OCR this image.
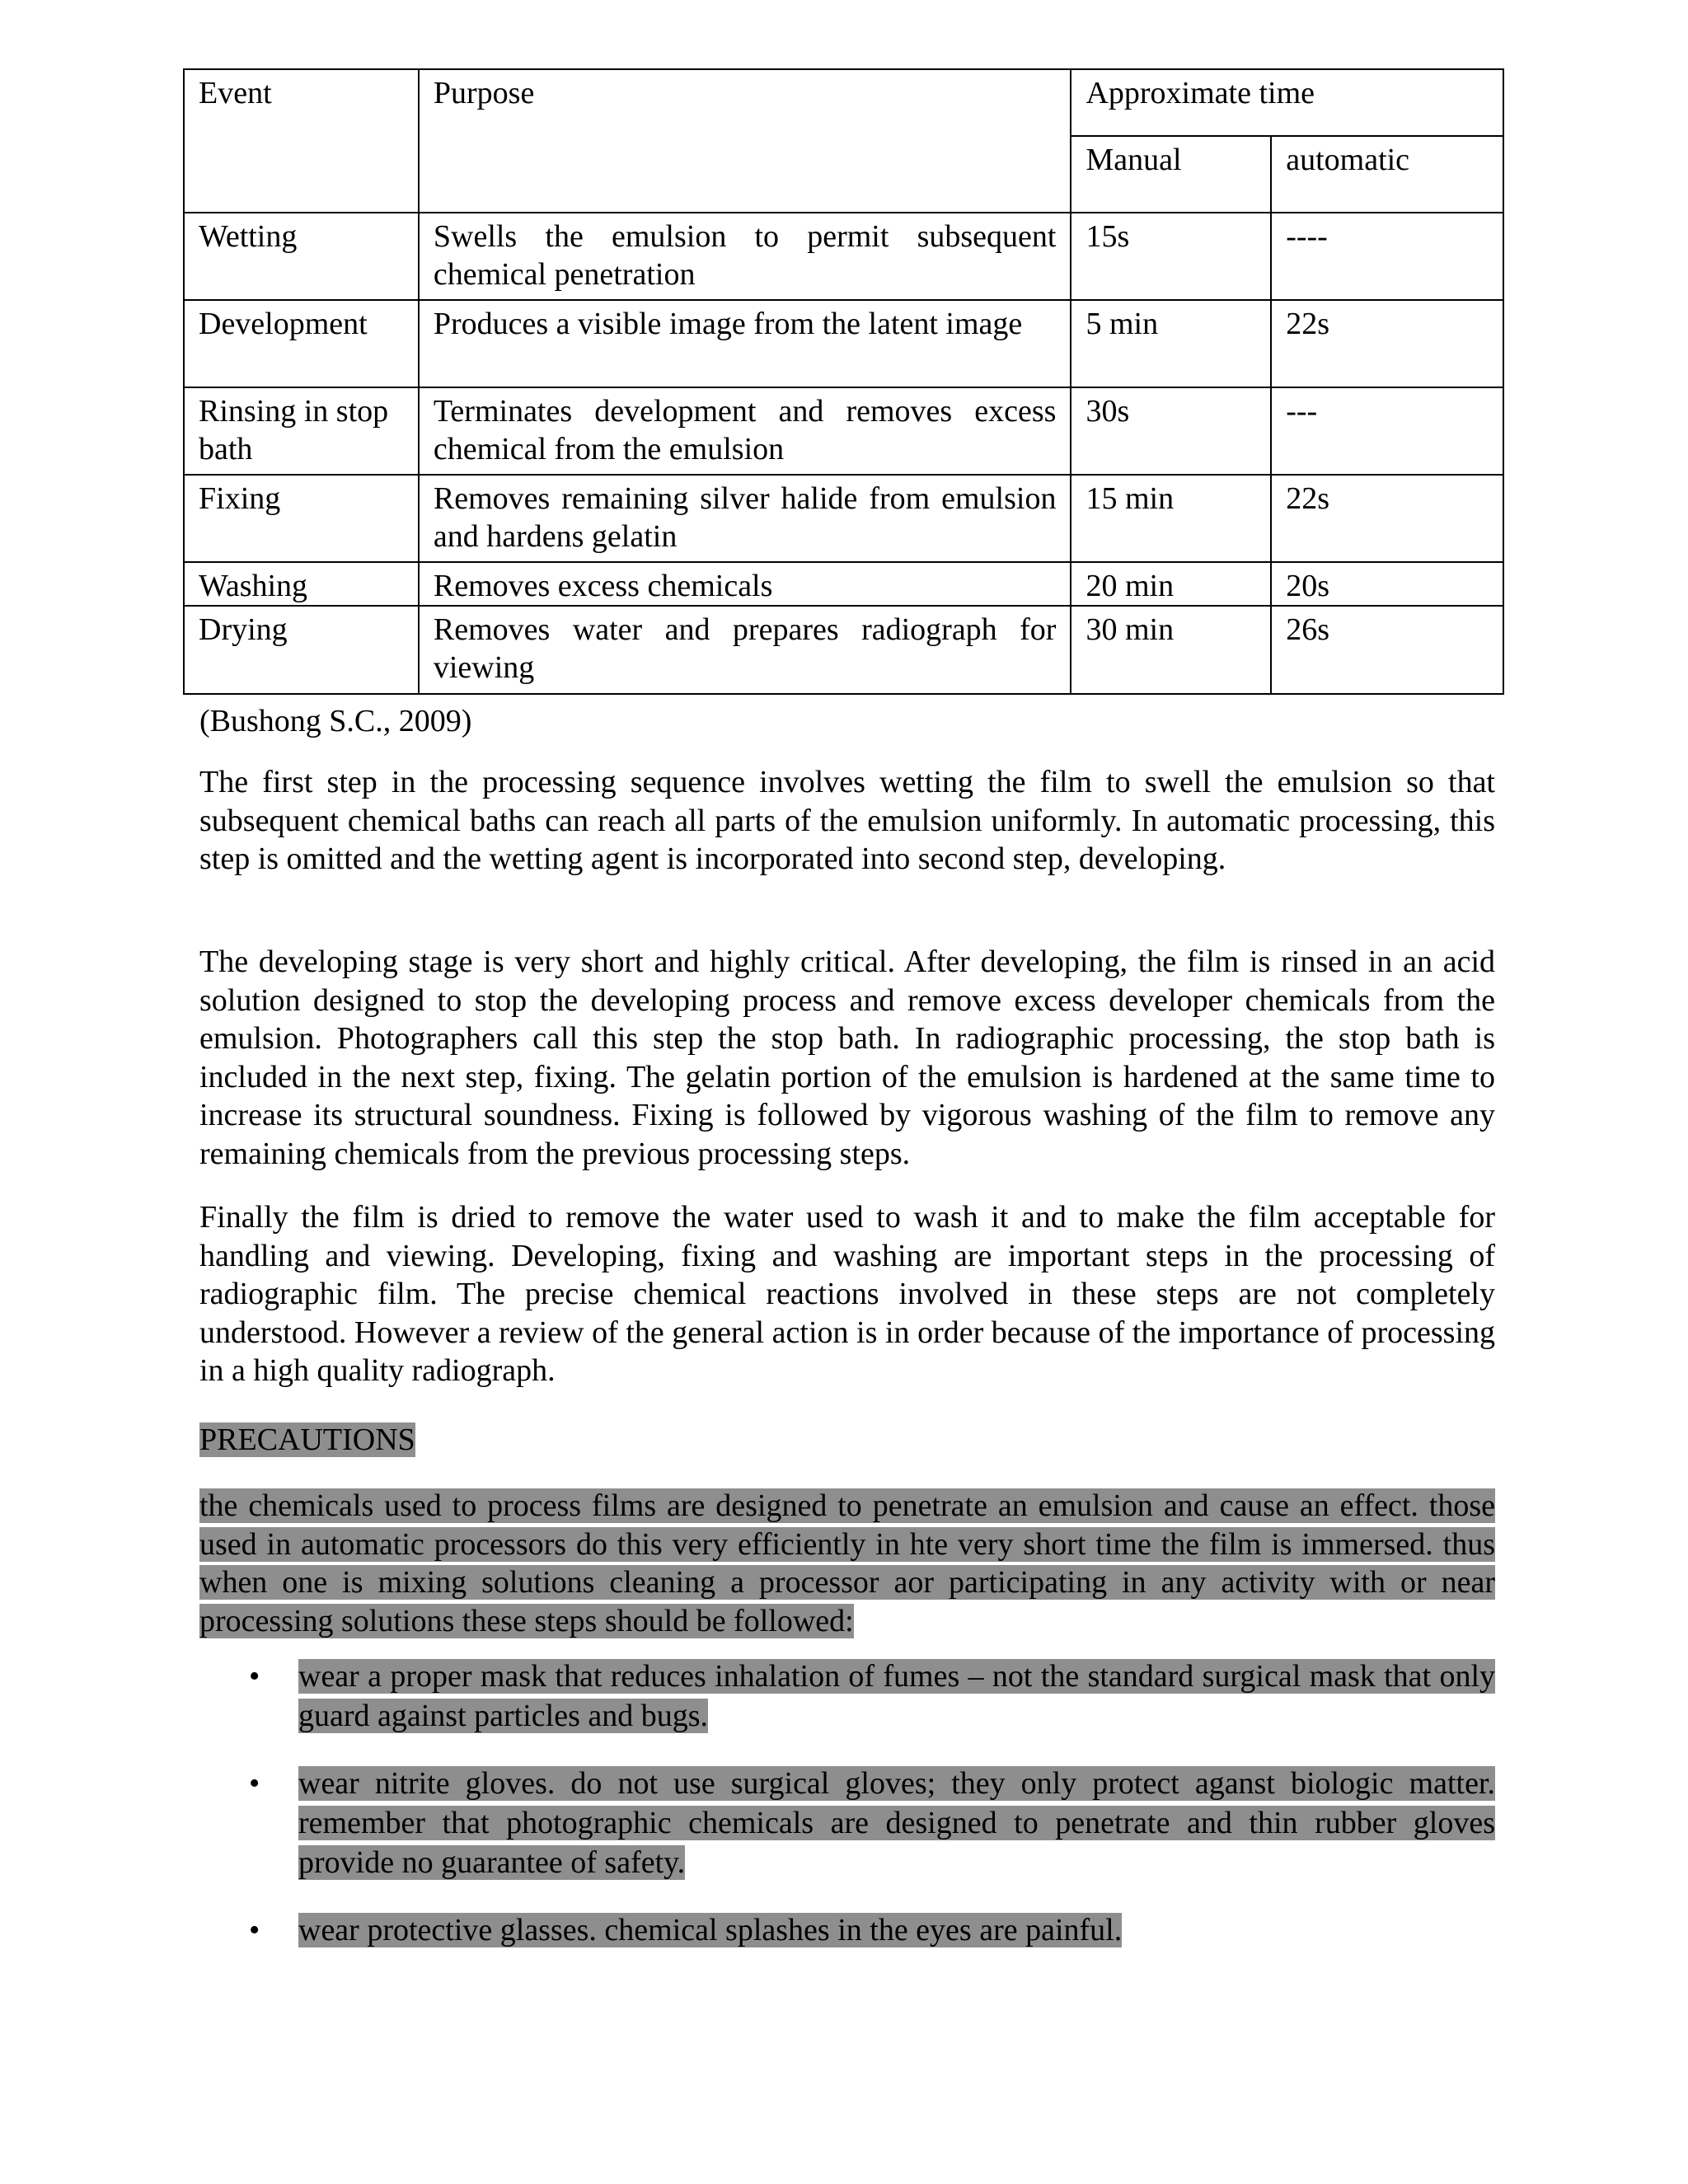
Event	Purpose	Approximate time	
		Manual	automatic
Wetting	Swells the emulsion to permit subsequent chemical penetration	15s	----
Development	Produces a visible image from the latent image	5 min	22s
Rinsing in stop bath	Terminates development and removes excess chemical from the emulsion	30s	---
Fixing	Removes remaining silver halide from emulsion and hardens gelatin	15 min	22s
Washing	Removes excess chemicals	20 min	20s
Drying	Removes water and prepares radiograph for viewing	30 min	26s

(Bushong S.C., 2009)

The first step in the processing sequence involves wetting the film to swell the emulsion so that subsequent chemical baths can reach all parts of the emulsion uniformly. In automatic processing, this step is omitted and the wetting agent is incorporated into second step, developing.

The developing stage is very short and highly critical. After developing, the film is rinsed in an acid solution designed to stop the developing process and remove excess developer chemicals from the emulsion. Photographers call this step the stop bath. In radiographic processing, the stop bath is included in the next step, fixing. The gelatin portion of the emulsion is hardened at the same time to increase its structural soundness. Fixing is followed by vigorous washing of the film to remove any remaining chemicals from the previous processing steps.

Finally the film is dried to remove the water used to wash it and to make the film acceptable for handling and viewing. Developing, fixing and washing are important steps in the processing of radiographic film. The precise chemical reactions involved in these steps are not completely understood. However a review of the general action is in order because of the importance of processing in a high quality radiograph.

PRECAUTIONS

the chemicals used to process films are designed to penetrate an emulsion and cause an effect. those used in automatic processors do this very efficiently in hte very short time the film is immersed. thus when one is mixing solutions cleaning a processor aor participating in any activity with or near processing solutions these steps should be followed:

•	wear a proper mask that reduces inhalation of fumes – not the standard surgical mask that only guard against particles and bugs.
•	wear nitrite gloves. do not use surgical gloves; they only protect aganst biologic matter. remember that photographic chemicals are designed to penetrate and thin rubber gloves provide no guarantee of safety.
•	wear protective glasses. chemical splashes in the eyes are painful.
